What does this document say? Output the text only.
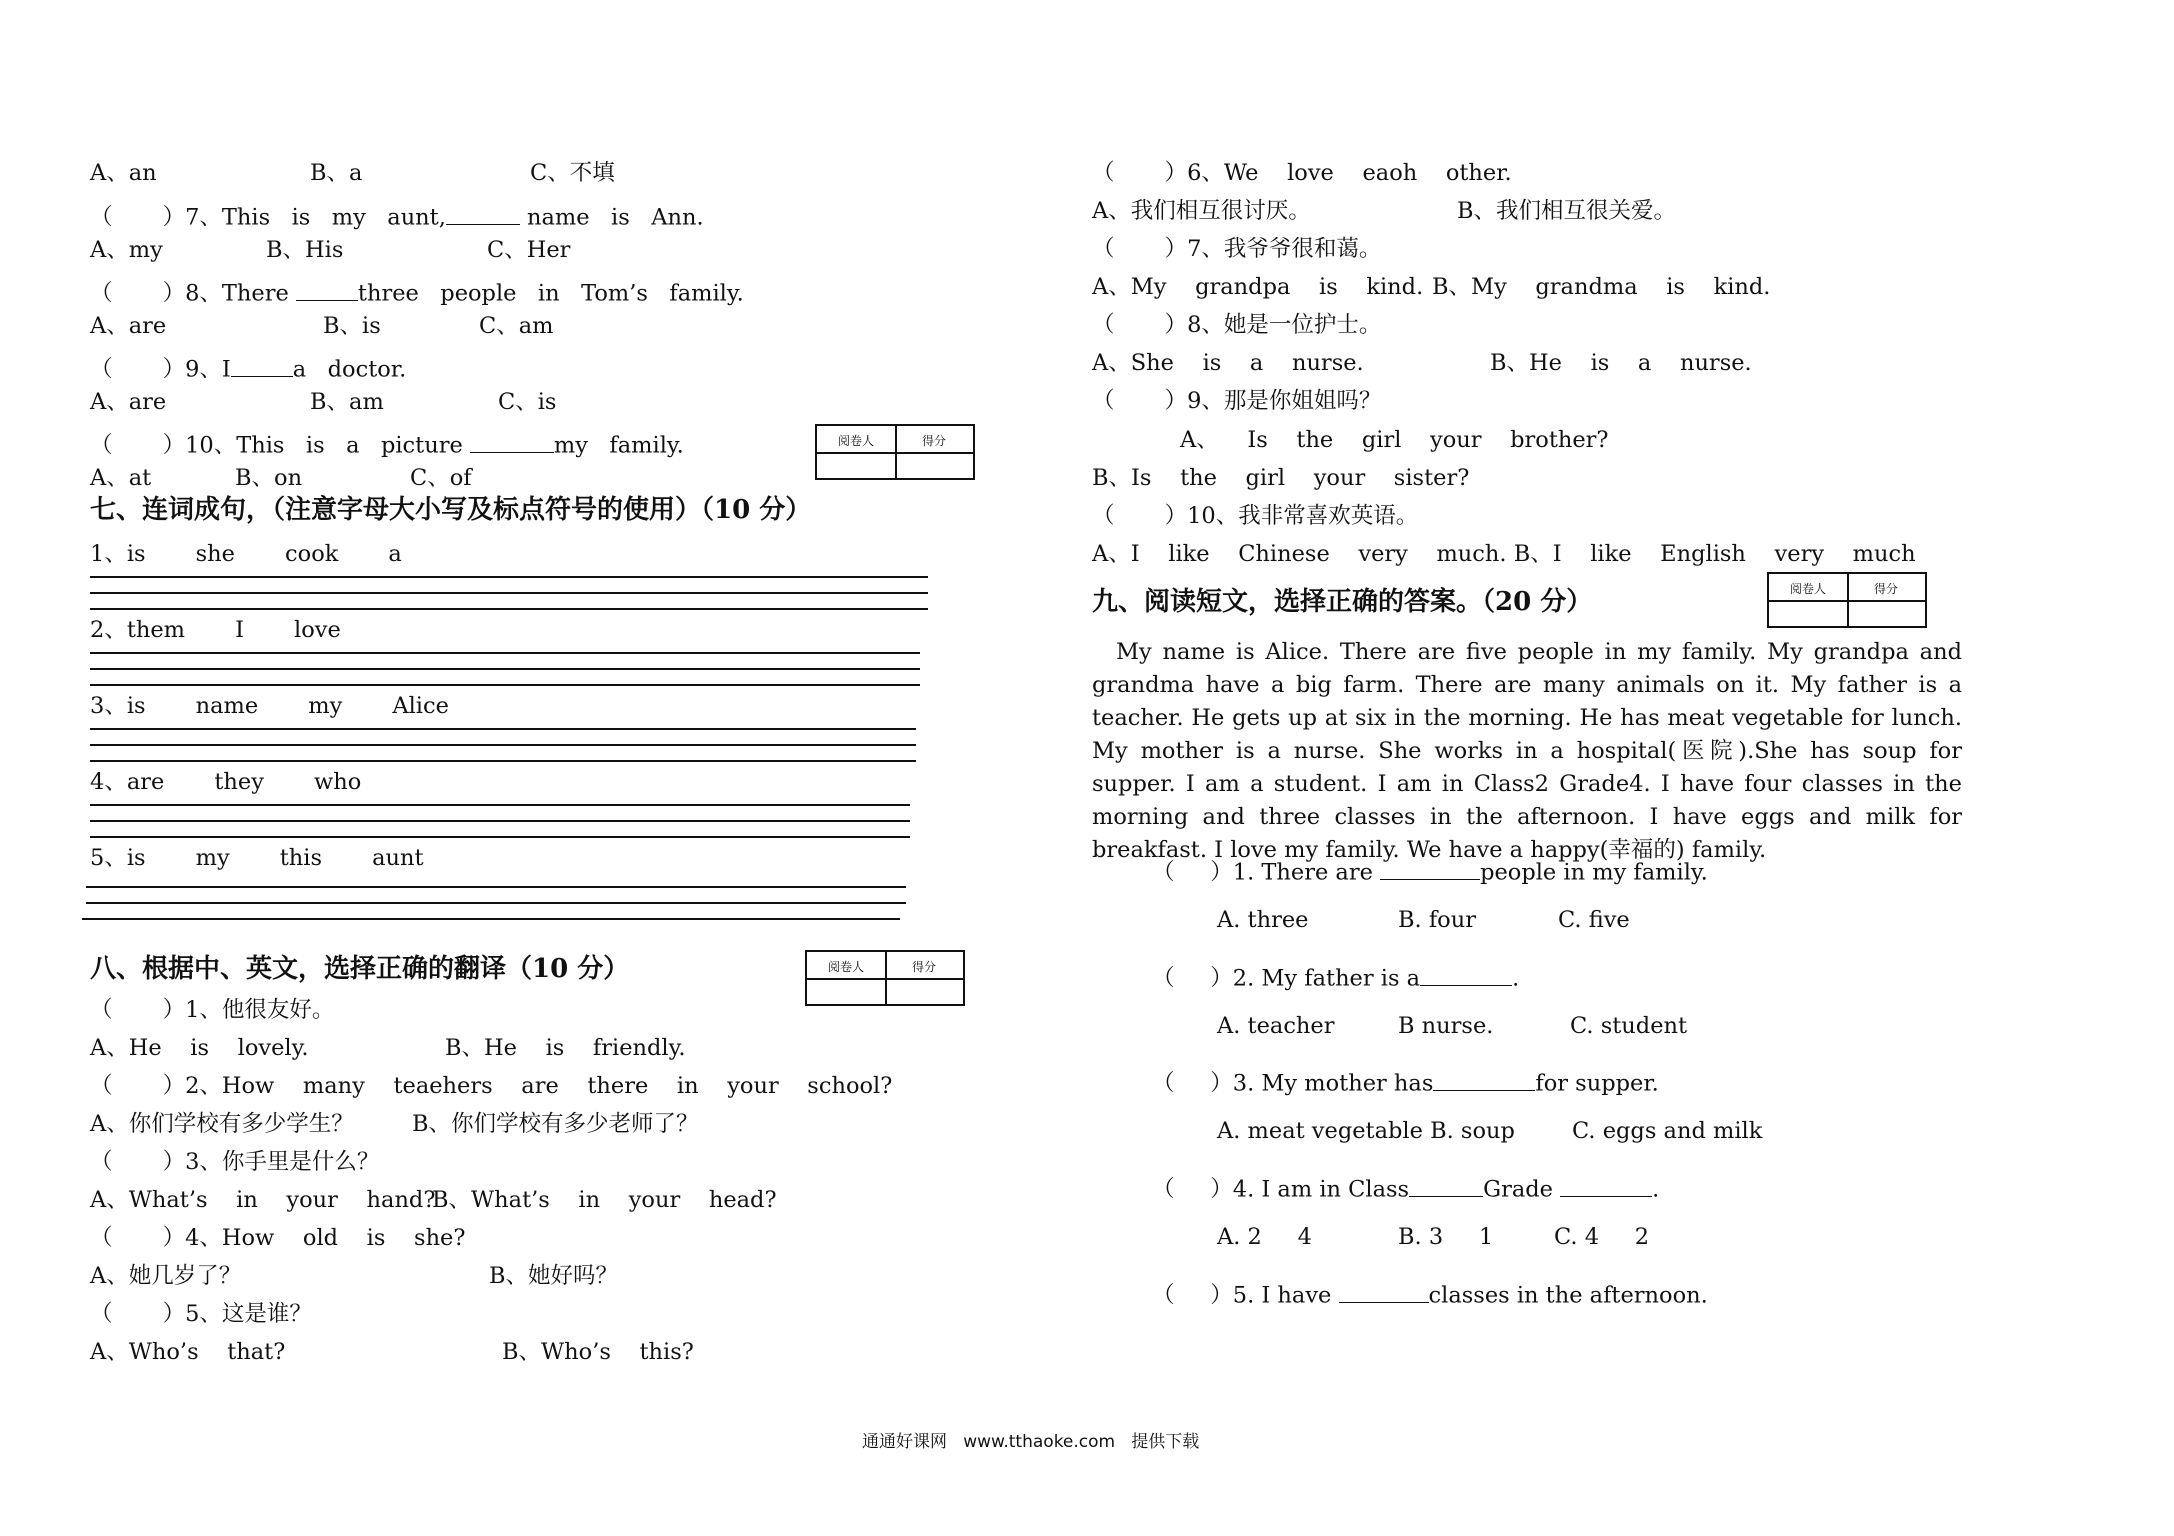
A、an	B、a	C、不填
（       ）7、This   is   my   aunt,	name   is   Ann.
A、my	B、His	C、Her
（       ）8、There	three   people   in   Tom’s   family.
A、are	B、is	C、am
（       ）9、I	a   doctor.
A、are	B、am	C、is
（       ）10、This   is   a   picture	my   family.
A、at	B、on	C、of
阅卷人	得分
七、连词成句，（注意字母大小写及标点符号的使用）（10 分）
1、is       she       cook       a
2、them       I       love
3、is       name       my       Alice
4、are       they       who
5、is       my       this       aunt
阅卷人	得分
八、根据中、英文，选择正确的翻译（10 分）
（       ）1、他很友好。
A、He    is    lovely.	B、He    is    friendly.
（       ）2、How    many    teaehers    are    there    in    your    school?
A、你们学校有多少学生？	B、你们学校有多少老师了？
（       ）3、你手里是什么？
A、What’s    in    your    hand?
B、What’s    in    your    head?
（       ）4、How    old    is    she?
A、她几岁了？	B、她好吗？
（       ）5、这是谁？
A、Who’s    that?	B、Who’s    this?
（       ）6、We    love    eaoh    other.
A、我们相互很讨厌。	B、我们相互很关爱。
（       ）7、我爷爷很和蔼。
A、My    grandpa    is    kind. B、My    grandma    is    kind.
（       ）8、她是一位护士。
A、She    is    a    nurse.	B、He    is    a    nurse.
（       ）9、那是你姐姐吗？
A、    Is    the    girl    your    brother?
B、Is    the    girl    your    sister?
（       ）10、我非常喜欢英语。
A、I    like    Chinese    very    much. B、I    like    English    very    much
阅卷人	得分
九、阅读短文，选择正确的答案。（20 分）
My name is Alice. There are five people in my family. My grandpa and grandma have a big farm. There are many animals on it. My father is a teacher. He gets up at six in the morning. He has meat vegetable for lunch. My mother is a nurse. She works in a hospital(医院).She has soup for supper. I am a student. I am in Class2 Grade4. I have four classes in the morning and three classes in the afternoon. I have eggs and milk for breakfast. I love my family. We have a happy(幸福的) family.
（     ）1. There are	people in my family.
A. three	B. four	C. five
（     ）2. My father is a	.
A. teacher	B nurse.	C. student
（     ）3. My mother has	for supper.
A. meat vegetable B. soup	C. eggs and milk
（     ）4. I am in Class	Grade	.
A. 2     4	B. 3     1	C. 4     2
（     ）5. I have	classes in the afternoon.
通通好课网   www.tthaoke.com   提供下载
